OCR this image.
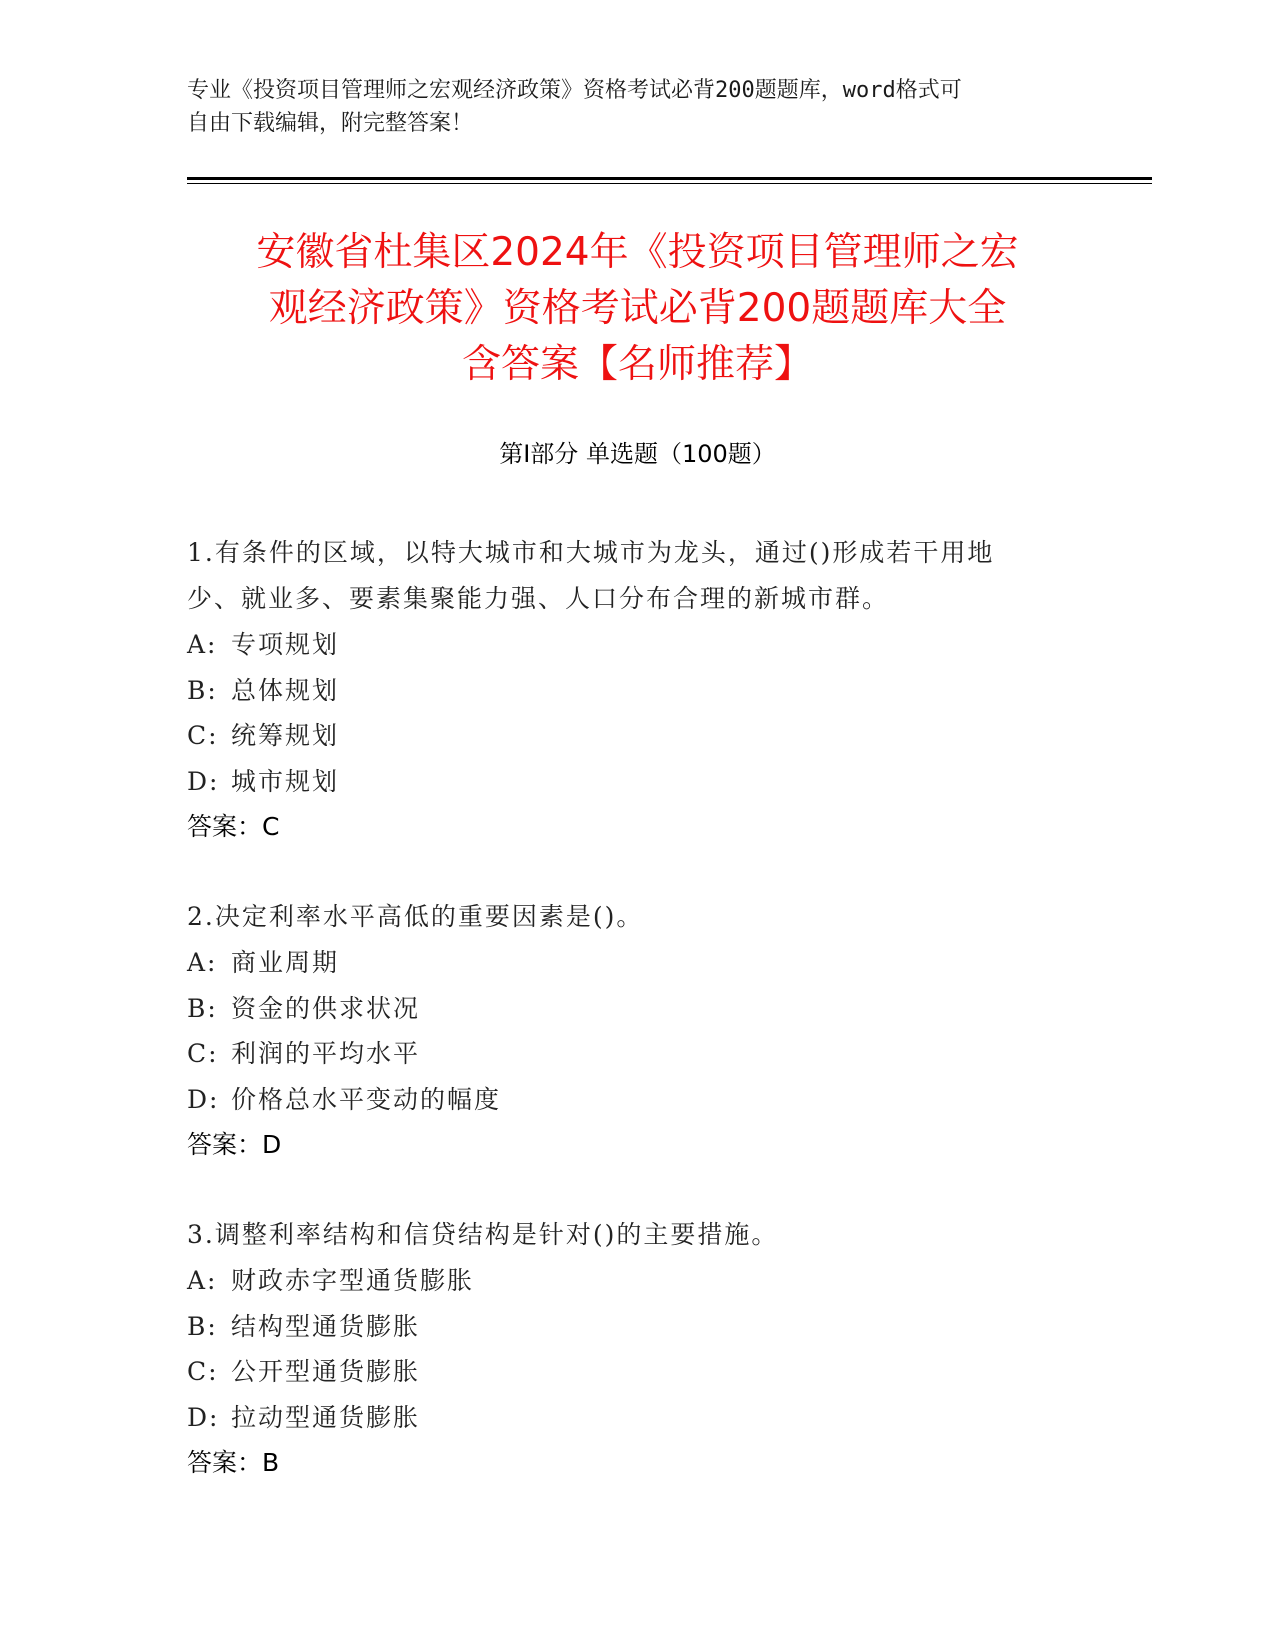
专业《投资项目管理师之宏观经济政策》资格考试必背200题题库，word格式可
自由下载编辑，附完整答案！
安徽省杜集区2024年《投资项目管理师之宏
观经济政策》资格考试必背200题题库大全
含答案【名师推荐】
第Ⅰ部分 单选题（100题）
1.有条件的区域，以特大城市和大城市为龙头，通过()形成若干用地
少、就业多、要素集聚能力强、人口分布合理的新城市群。
A: 专项规划
B: 总体规划
C: 统筹规划
D: 城市规划
答案：C
2.决定利率水平高低的重要因素是()。
A: 商业周期
B: 资金的供求状况
C: 利润的平均水平
D: 价格总水平变动的幅度
答案：D
3.调整利率结构和信贷结构是针对()的主要措施。
A: 财政赤字型通货膨胀
B: 结构型通货膨胀
C: 公开型通货膨胀
D: 拉动型通货膨胀
答案：B
